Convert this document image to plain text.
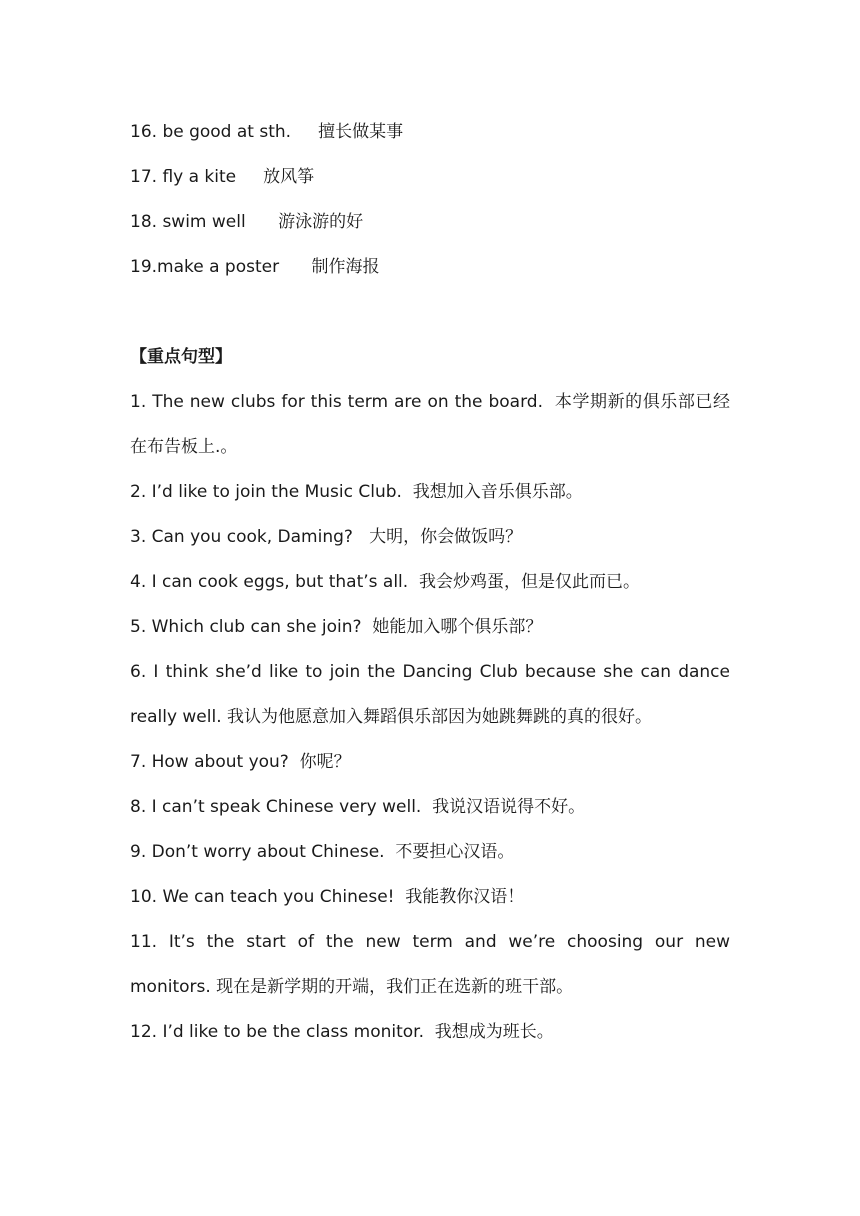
16. be good at sth.     擅长做某事
17. fly a kite     放风筝
18. swim well      游泳游的好
19.make a poster      制作海报
【重点句型】
1. The new clubs for this term are on the board.  本学期新的俱乐部已经
在布告板上.。
2. I’d like to join the Music Club.  我想加入音乐俱乐部。
3. Can you cook, Daming?   大明，你会做饭吗？
4. I can cook eggs, but that’s all.  我会炒鸡蛋，但是仅此而已。
5. Which club can she join?  她能加入哪个俱乐部？
6. I think she’d like to join the Dancing Club because she can dance
really well. 我认为他愿意加入舞蹈俱乐部因为她跳舞跳的真的很好。
7. How about you?  你呢？
8. I can’t speak Chinese very well.  我说汉语说得不好。
9. Don’t worry about Chinese.  不要担心汉语。
10. We can teach you Chinese!  我能教你汉语！
11. It’s the start of the new term and we’re choosing our new
monitors. 现在是新学期的开端，我们正在选新的班干部。
12. I’d like to be the class monitor.  我想成为班长。
